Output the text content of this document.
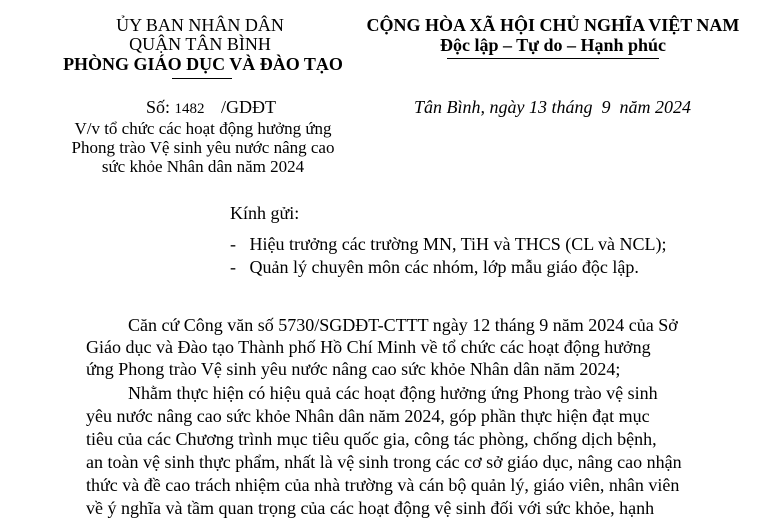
ỦY BAN NHÂN DÂN
QUẬN TÂN BÌNH
PHÒNG GIÁO DỤC VÀ ĐÀO TẠO
Số: 1482 /GDĐT
V/v tổ chức các hoạt động hưởng ứng
Phong trào Vệ sinh yêu nước nâng cao
sức khỏe Nhân dân năm 2024
CỘNG HÒA XÃ HỘI CHỦ NGHĨA VIỆT NAM
Độc lập – Tự do – Hạnh phúc
Tân Bình, ngày 13 tháng  9  năm 2024
Kính gửi:
-   Hiệu trưởng các trường MN, TiH và THCS (CL và NCL);
-   Quản lý chuyên môn các nhóm, lớp mẫu giáo độc lập.
Căn cứ Công văn số 5730/SGDĐT-CTTT ngày 12 tháng 9 năm 2024 của Sở
Giáo dục và Đào tạo Thành phố Hồ Chí Minh về tổ chức các hoạt động hưởng
ứng Phong trào Vệ sinh yêu nước nâng cao sức khỏe Nhân dân năm 2024;
Nhằm thực hiện có hiệu quả các hoạt động hưởng ứng Phong trào vệ sinh
yêu nước nâng cao sức khỏe Nhân dân năm 2024, góp phần thực hiện đạt mục
tiêu của các Chương trình mục tiêu quốc gia, công tác phòng, chống dịch bệnh,
an toàn vệ sinh thực phẩm, nhất là vệ sinh trong các cơ sở giáo dục, nâng cao nhận
thức và đề cao trách nhiệm của nhà trường và cán bộ quản lý, giáo viên, nhân viên
về ý nghĩa và tầm quan trọng của các hoạt động vệ sinh đối với sức khỏe, hạnh
